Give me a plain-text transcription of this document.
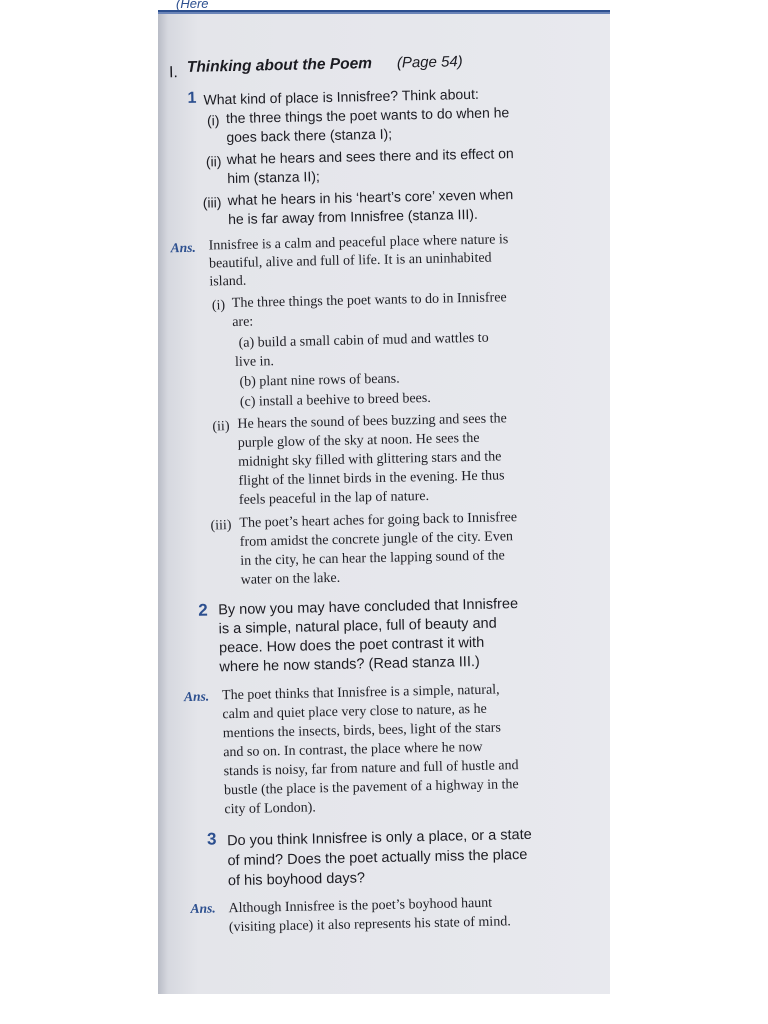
(Here
I. Thinking about the Poem (Page 54)
1 What kind of place is Innisfree? Think about:
(i) the three things the poet wants to do when he
goes back there (stanza I);
(ii) what he hears and sees there and its effect on
him (stanza II);
(iii) what he hears in his ‘heart’s core’ xeven when
he is far away from Innisfree (stanza III).
Ans. Innisfree is a calm and peaceful place where nature is
beautiful, alive and full of life. It is an uninhabited
island.
(i) The three things the poet wants to do in Innisfree
are:
(a) build a small cabin of mud and wattles to
live in.
(b) plant nine rows of beans.
(c) install a beehive to breed bees.
(ii) He hears the sound of bees buzzing and sees the
purple glow of the sky at noon. He sees the
midnight sky filled with glittering stars and the
flight of the linnet birds in the evening. He thus
feels peaceful in the lap of nature.
(iii) The poet’s heart aches for going back to Innisfree
from amidst the concrete jungle of the city. Even
in the city, he can hear the lapping sound of the
water on the lake.
2 By now you may have concluded that Innisfree
is a simple, natural place, full of beauty and
peace. How does the poet contrast it with
where he now stands? (Read stanza III.)
Ans. The poet thinks that Innisfree is a simple, natural,
calm and quiet place very close to nature, as he
mentions the insects, birds, bees, light of the stars
and so on. In contrast, the place where he now
stands is noisy, far from nature and full of hustle and
bustle (the place is the pavement of a highway in the
city of London).
3 Do you think Innisfree is only a place, or a state
of mind? Does the poet actually miss the place
of his boyhood days?
Ans. Although Innisfree is the poet’s boyhood haunt
(visiting place) it also represents his state of mind.
